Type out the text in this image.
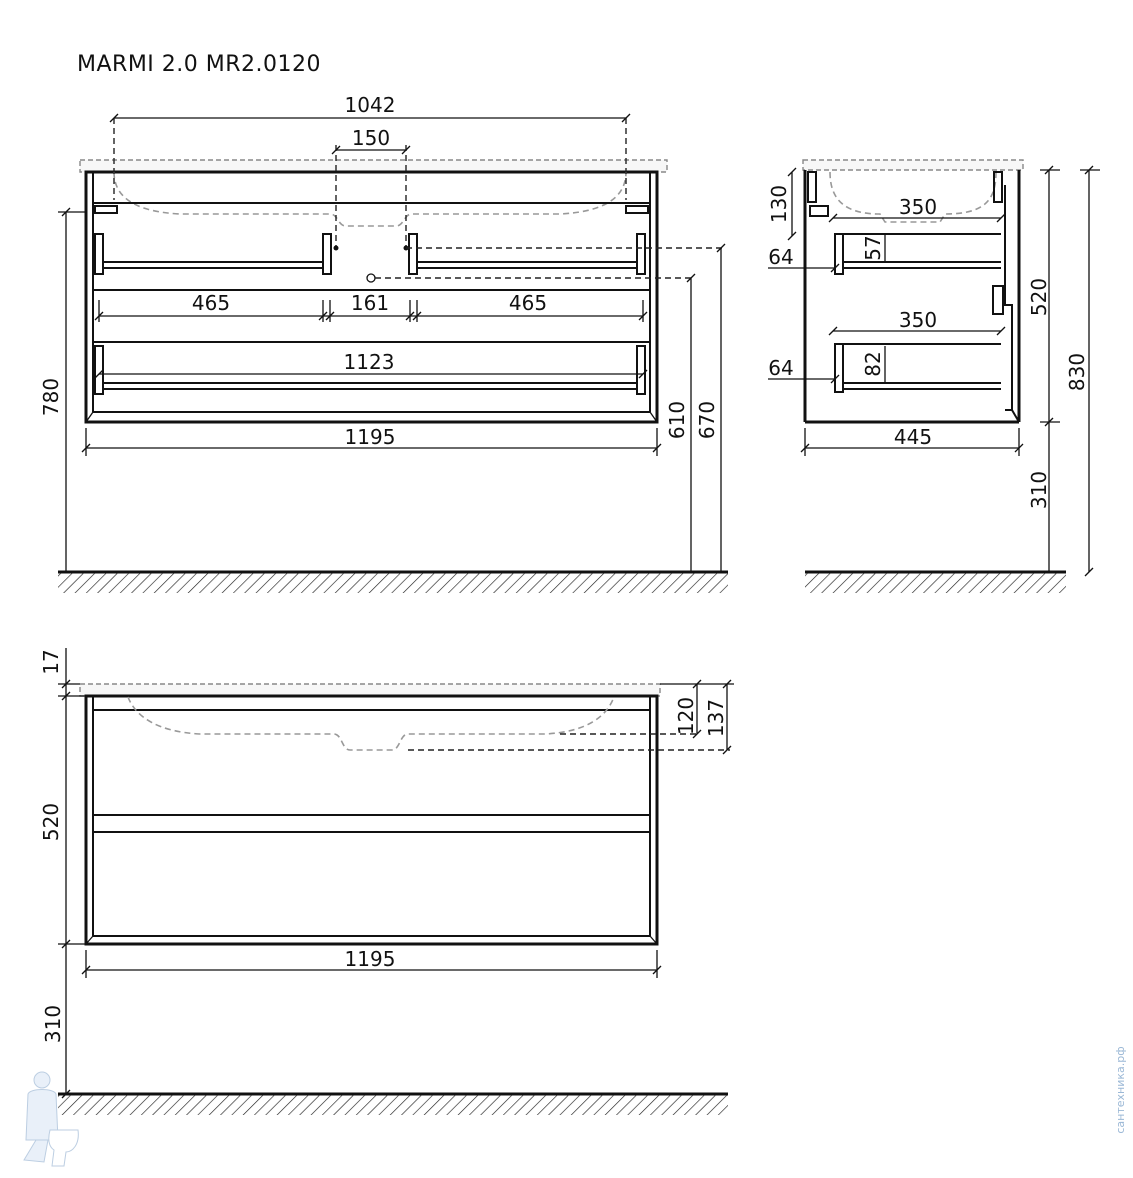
MARMI 2.0 MR2.0120
1042
150
465	161	465
1123
1195
780
610 670
130	350
57
64
350
82
64
445
520
310
830
17
120 137
520
1195
310
сантехника.рф
